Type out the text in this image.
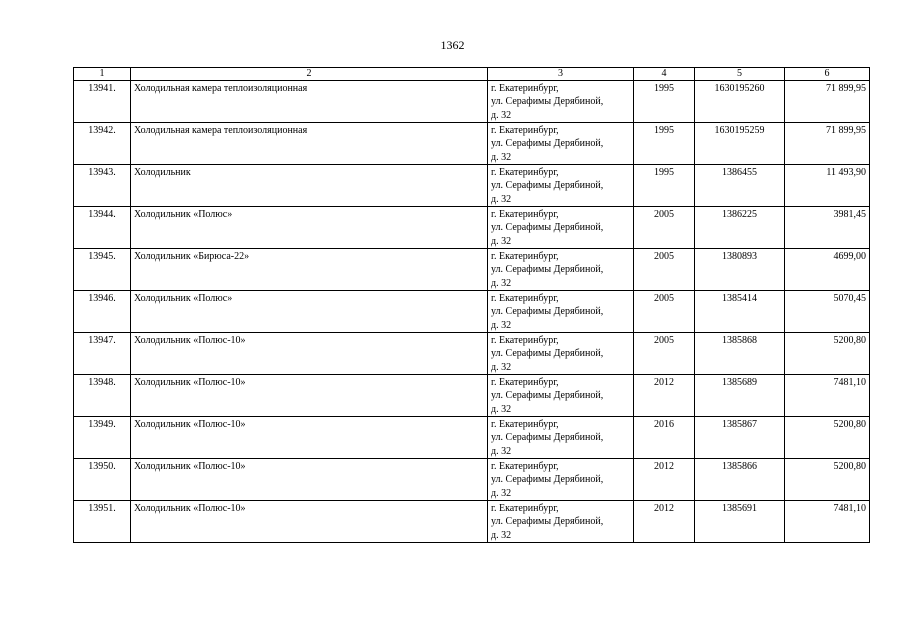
1362
1	2	3	4	5	6
13941.	Холодильная камера теплоизоляционная	г. Екатеринбург,
ул. Серафимы Дерябиной,
д. 32	1995	1630195260	71 899,95
13942.	Холодильная камера теплоизоляционная	г. Екатеринбург,
ул. Серафимы Дерябиной,
д. 32	1995	1630195259	71 899,95
13943.	Холодильник	г. Екатеринбург,
ул. Серафимы Дерябиной,
д. 32	1995	1386455	11 493,90
13944.	Холодильник «Полюс»	г. Екатеринбург,
ул. Серафимы Дерябиной,
д. 32	2005	1386225	3981,45
13945.	Холодильник «Бирюса-22»	г. Екатеринбург,
ул. Серафимы Дерябиной,
д. 32	2005	1380893	4699,00
13946.	Холодильник «Полюс»	г. Екатеринбург,
ул. Серафимы Дерябиной,
д. 32	2005	1385414	5070,45
13947.	Холодильник «Полюс-10»	г. Екатеринбург,
ул. Серафимы Дерябиной,
д. 32	2005	1385868	5200,80
13948.	Холодильник «Полюс-10»	г. Екатеринбург,
ул. Серафимы Дерябиной,
д. 32	2012	1385689	7481,10
13949.	Холодильник «Полюс-10»	г. Екатеринбург,
ул. Серафимы Дерябиной,
д. 32	2016	1385867	5200,80
13950.	Холодильник «Полюс-10»	г. Екатеринбург,
ул. Серафимы Дерябиной,
д. 32	2012	1385866	5200,80
13951.	Холодильник «Полюс-10»	г. Екатеринбург,
ул. Серафимы Дерябиной,
д. 32	2012	1385691	7481,10
